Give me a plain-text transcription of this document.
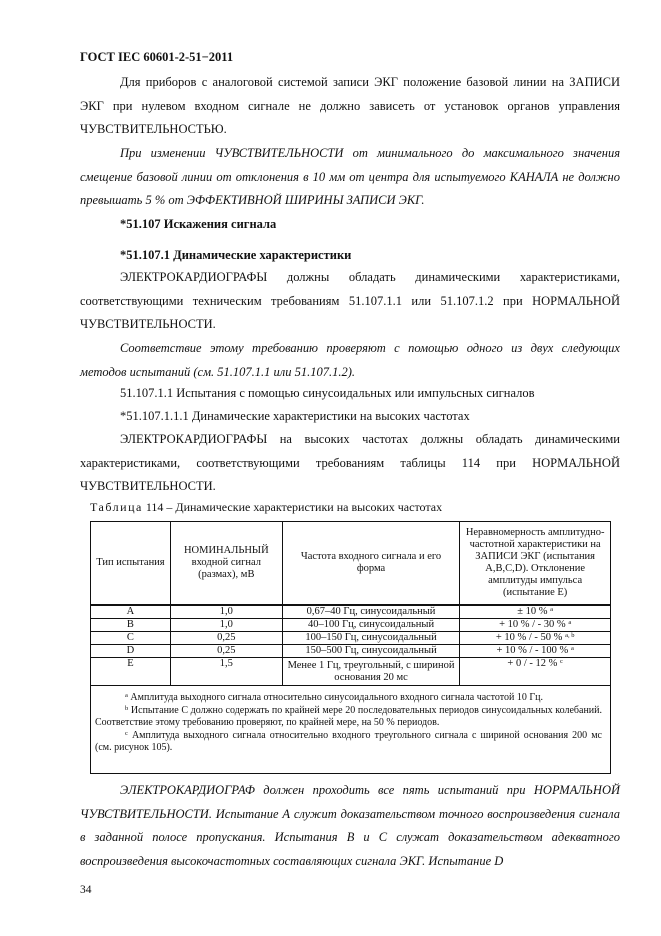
ГОСТ IEC 60601-2-51−2011

Для приборов с аналоговой системой записи ЭКГ положение базовой линии на ЗАПИСИ ЭКГ при нулевом входном сигнале не должно зависеть от установок органов управления ЧУВСТВИТЕЛЬНОСТЬЮ.

При изменении ЧУВСТВИТЕЛЬНОСТИ от минимального до максимального значения смещение базовой линии от отклонения в 10 мм от центра для испытуемого КАНАЛА не должно превышать 5 % от ЭФФЕКТИВНОЙ ШИРИНЫ ЗАПИСИ ЭКГ.

*51.107 Искажения сигнала

*51.107.1 Динамические характеристики

ЭЛЕКТРОКАРДИОГРАФЫ должны обладать динамическими характеристиками, соответствующими техническим требованиям 51.107.1.1 или 51.107.1.2 при НОРМАЛЬНОЙ ЧУВСТВИТЕЛЬНОСТИ.

Соответствие этому требованию проверяют с помощью одного из двух следующих методов испытаний (см. 51.107.1.1 или 51.107.1.2).

51.107.1.1 Испытания с помощью синусоидальных или импульсных сигналов

*51.107.1.1.1 Динамические характеристики на высоких частотах

ЭЛЕКТРОКАРДИОГРАФЫ на высоких частотах должны обладать динамическими характеристиками, соответствующими требованиям таблицы 114 при НОРМАЛЬНОЙ ЧУВСТВИТЕЛЬНОСТИ.

Таблица 114 – Динамические характеристики на высоких частотах
Тип испытания	НОМИНАЛЬНЫЙ входной сигнал (размах), мВ	Частота входного сигнала и его форма	Неравномерность амплитудно-частотной характеристики на ЗАПИСИ ЭКГ (испытания А,В,С,D). Отклонение амплитуды импульса (испытание Е)
А	1,0	0,67–40 Гц, синусоидальный	± 10 % $^а$
В	1,0	40–100 Гц, синусоидальный	+ 10 % / - 30 % $^a$
С	0,25	100–150 Гц, синусоидальный	+ 10 % / - 50 % $^{a, b}$
D	0,25	150–500 Гц, синусоидальный	+ 10 % / - 100 % $^a$
Е	1,5	Менее 1 Гц, треугольный, с шириной основания 20 мс	+ 0 / - 12 % $^c$

$^а$ Амплитуда выходного сигнала относительно синусоидального входного сигнала частотой 10 Гц.
$^b$ Испытание С должно содержать по крайней мере 20 последовательных периодов синусоидальных колебаний. Соответствие этому требованию проверяют, по крайней мере, на 50 % периодов.
$^с$ Амплитуда выходного сигнала относительно входного треугольного сигнала с шириной основания 200 мс (см. рисунок 105).			

ЭЛЕКТРОКАРДИОГРАФ должен проходить все пять испытаний при НОРМАЛЬНОЙ ЧУВСТВИТЕЛЬНОСТИ. Испытание А служит доказательством точного воспроизведения сигнала в заданной полосе пропускания. Испытания В и С служат доказательством адекватного воспроизведения высокочастотных составляющих сигнала ЭКГ. Испытание D

34
